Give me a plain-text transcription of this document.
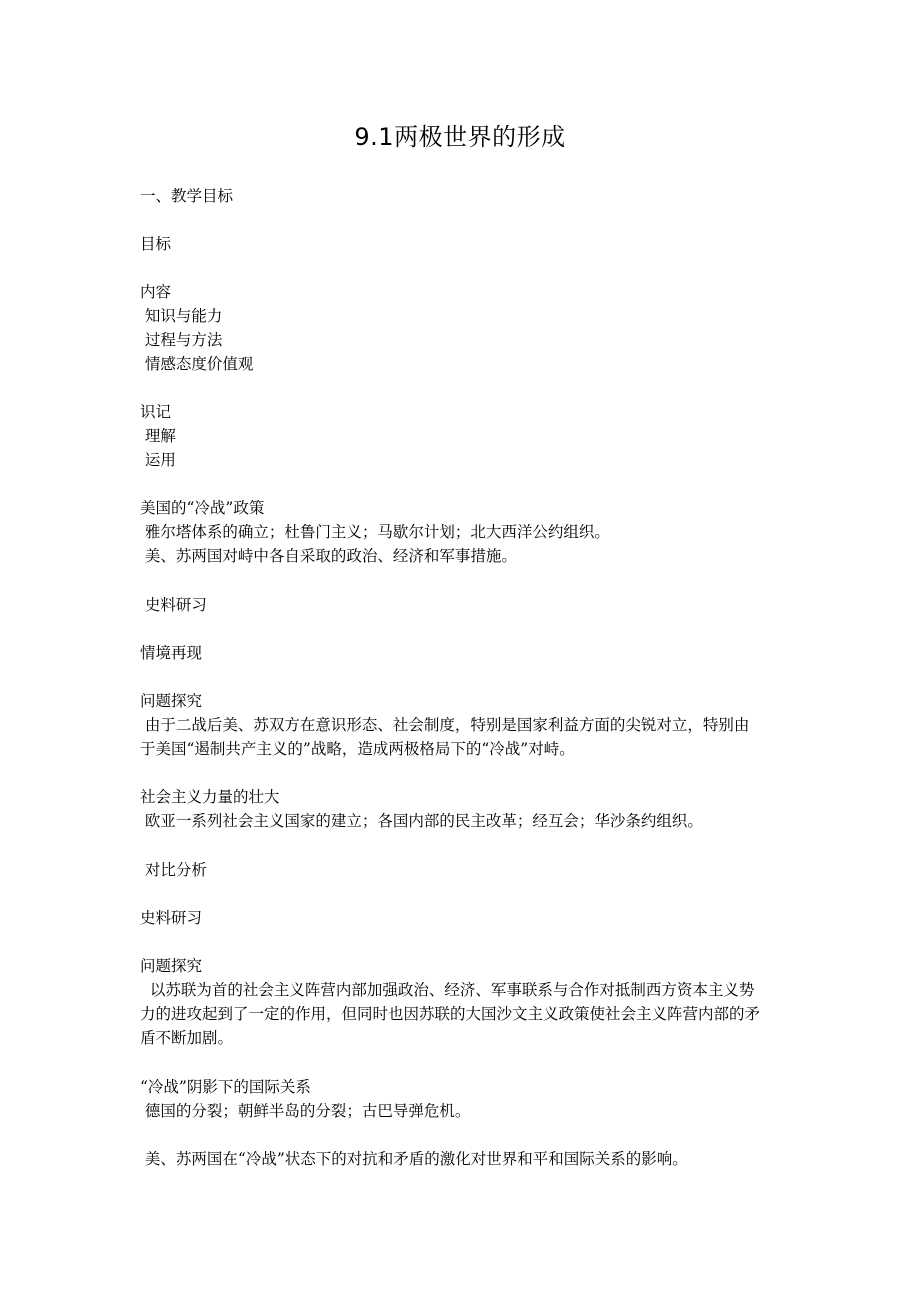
9.1两极世界的形成
一、教学目标
目标
内容
知识与能力
过程与方法
情感态度价值观
识记
理解
运用
美国的“冷战”政策
雅尔塔体系的确立；杜鲁门主义；马歇尔计划；北大西洋公约组织。
美、苏两国对峙中各自采取的政治、经济和军事措施。
史料研习
情境再现
问题探究
由于二战后美、苏双方在意识形态、社会制度，特别是国家利益方面的尖锐对立，特别由
于美国“遏制共产主义的”战略，造成两极格局下的“冷战”对峙。
社会主义力量的壮大
欧亚一系列社会主义国家的建立；各国内部的民主改革；经互会；华沙条约组织。
对比分析
史料研习
问题探究
以苏联为首的社会主义阵营内部加强政治、经济、军事联系与合作对抵制西方资本主义势
力的进攻起到了一定的作用，但同时也因苏联的大国沙文主义政策使社会主义阵营内部的矛
盾不断加剧。
“冷战”阴影下的国际关系
德国的分裂；朝鲜半岛的分裂；古巴导弹危机。
美、苏两国在“冷战”状态下的对抗和矛盾的激化对世界和平和国际关系的影响。
